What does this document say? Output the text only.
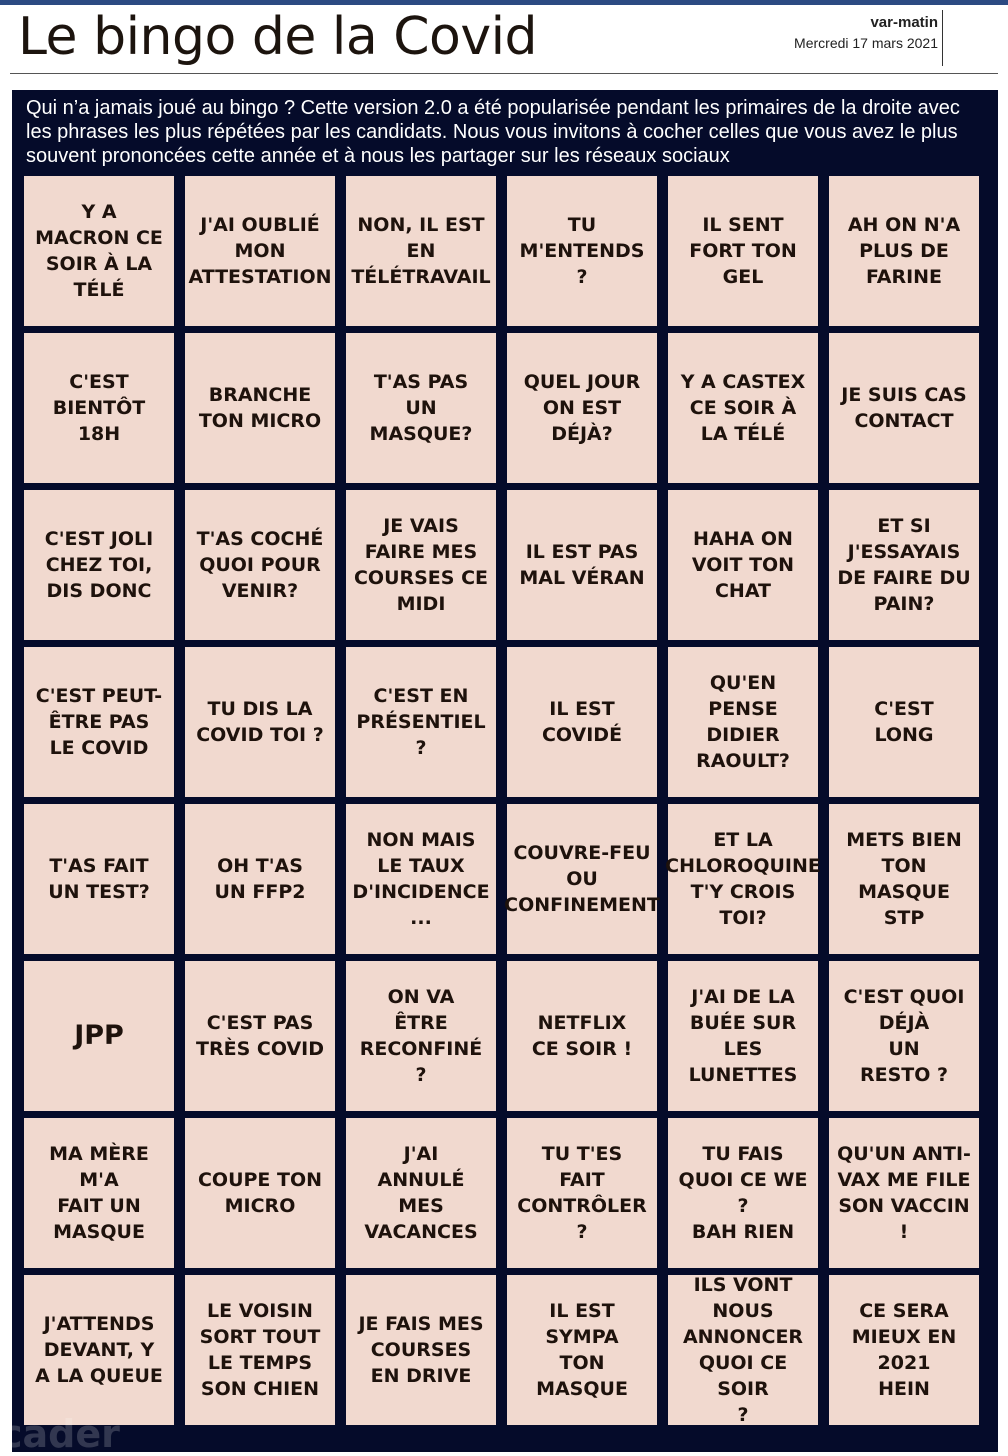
Le bingo de la Covid	var-matin
Mercredi 17 mars 2021

Qui n’a jamais joué au bingo ? Cette version 2.0 a été popularisée pendant les primaires de la droite avec les phrases les plus répétées par les candidats. Nous vous invitons à cocher celles que vous avez le plus souvent prononcées cette année et à nous les partager sur les réseaux sociaux

Y A
MACRON CE
SOIR À LA
TÉLÉ
J'AI OUBLIÉ
MON
ATTESTATION
NON, IL EST
EN
TÉLÉTRAVAIL
TU
M'ENTENDS
?
IL SENT
FORT TON
GEL
AH ON N'A
PLUS DE
FARINE
C'EST
BIENTÔT
18H
BRANCHE
TON MICRO
T'AS PAS
UN
MASQUE?
QUEL JOUR
ON EST
DÉJÀ?
Y A CASTEX
CE SOIR À
LA TÉLÉ
JE SUIS CAS
CONTACT
C'EST JOLI
CHEZ TOI,
DIS DONC
T'AS COCHÉ
QUOI POUR
VENIR?
JE VAIS
FAIRE MES
COURSES CE
MIDI
IL EST PAS
MAL VÉRAN
HAHA ON
VOIT TON
CHAT
ET SI
J'ESSAYAIS
DE FAIRE DU
PAIN?
C'EST PEUT-
ÊTRE PAS
LE COVID
TU DIS LA
COVID TOI ?
C'EST EN
PRÉSENTIEL
?
IL EST
COVIDÉ
QU'EN PENSE
DIDIER
RAOULT?
C'EST
LONG
T'AS FAIT
UN TEST?
OH T'AS
UN FFP2
NON MAIS
LE TAUX
D'INCIDENCE
...
COUVRE-FEU
OU
CONFINEMENT
ET LA
CHLOROQUINE
T'Y CROIS
TOI?
METS BIEN
TON MASQUE
STP
JPP	C'EST PAS
TRÈS COVID
ON VA
ÊTRE
RECONFINÉ
?
NETFLIX
CE SOIR !
J'AI DE LA
BUÉE SUR
LES
LUNETTES
C'EST QUOI
DÉJÀ
UN
RESTO ?
MA MÈRE
M'A
FAIT UN
MASQUE
COUPE TON
MICRO
J'AI
ANNULÉ
MES
VACANCES
TU T'ES
FAIT
CONTRÔLER
?
TU FAIS
QUOI CE WE
?
BAH RIEN
QU'UN ANTI-
VAX ME FILE
SON VACCIN
!
J'ATTENDS
DEVANT, Y
A LA QUEUE
LE VOISIN
SORT TOUT
LE TEMPS
SON CHIEN
JE FAIS MES
COURSES
EN DRIVE
IL EST
SYMPA
TON
MASQUE
ILS VONT
NOUS
ANNONCER
QUOI CE SOIR
?
CE SERA
MIEUX EN
2021
HEIN
cader
